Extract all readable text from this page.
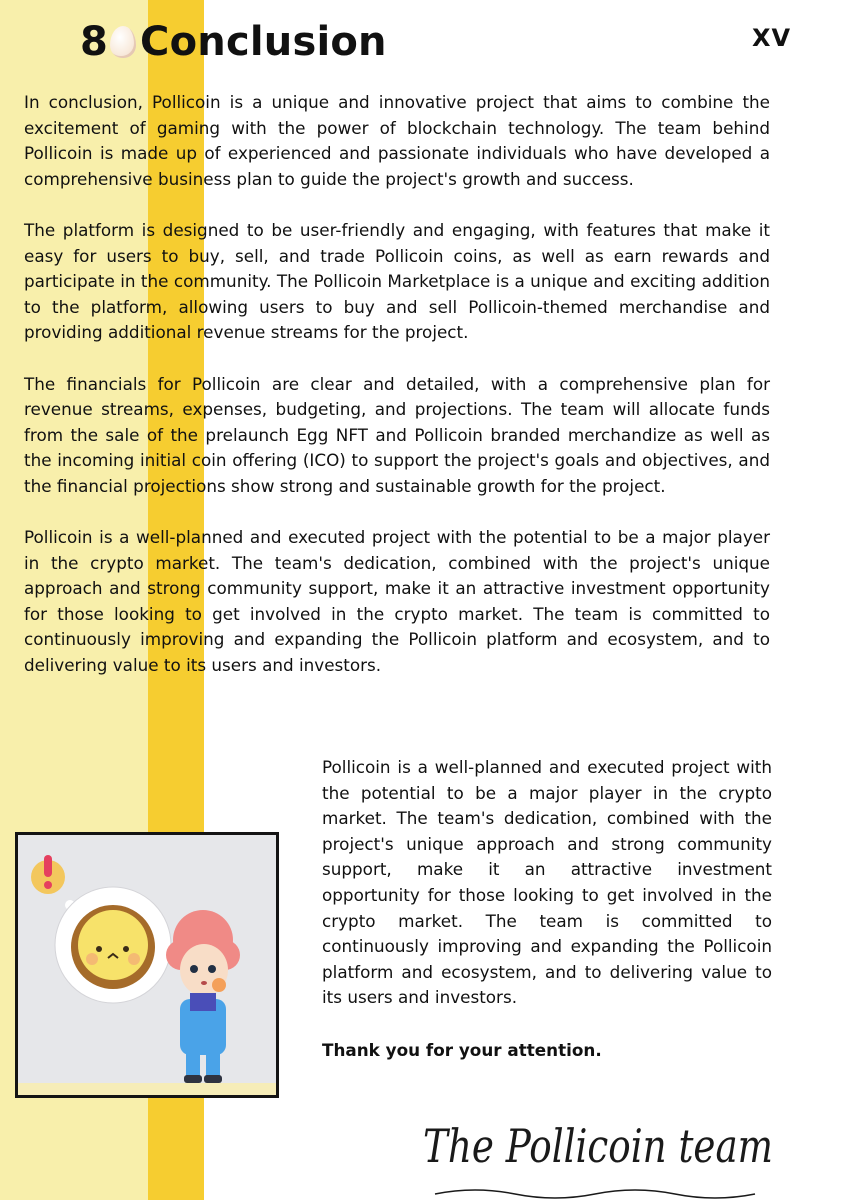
8 Conclusion	XV

In conclusion, Pollicoin is a unique and innovative project that aims to combine the excitement of gaming with the power of blockchain technology. The team behind Pollicoin is made up of experienced and passionate individuals who have developed a comprehensive business plan to guide the project's growth and success.

The platform is designed to be user-friendly and engaging, with features that make it easy for users to buy, sell, and trade Pollicoin coins, as well as earn rewards and participate in the community. The Pollicoin Marketplace is a unique and exciting addition to the platform, allowing users to buy and sell Pollicoin-themed merchandise and providing additional revenue streams for the project.

The financials for Pollicoin are clear and detailed, with a comprehensive plan for revenue streams, expenses, budgeting, and projections. The team will allocate funds from the sale of the prelaunch Egg NFT and Pollicoin branded merchandize as well as the incoming initial coin offering (ICO) to support the project's goals and objectives, and the financial projections show strong and sustainable growth for the project.

Pollicoin is a well-planned and executed project with the potential to be a major player in the crypto market. The team's dedication, combined with the project's unique approach and strong community support, make it an attractive investment opportunity for those looking to get involved in the crypto market. The team is committed to continuously improving and expanding the Pollicoin platform and ecosystem, and to delivering value to its users and investors.

Pollicoin is a well-planned and executed project with the potential to be a major player in the crypto market. The team's dedication, combined with the project's unique approach and strong community support, make it an attractive investment opportunity for those looking to get involved in the crypto market. The team is committed to continuously improving and expanding the Pollicoin platform and ecosystem, and to delivering value to its users and investors.

Thank you for your attention.
The Pollicoin team
